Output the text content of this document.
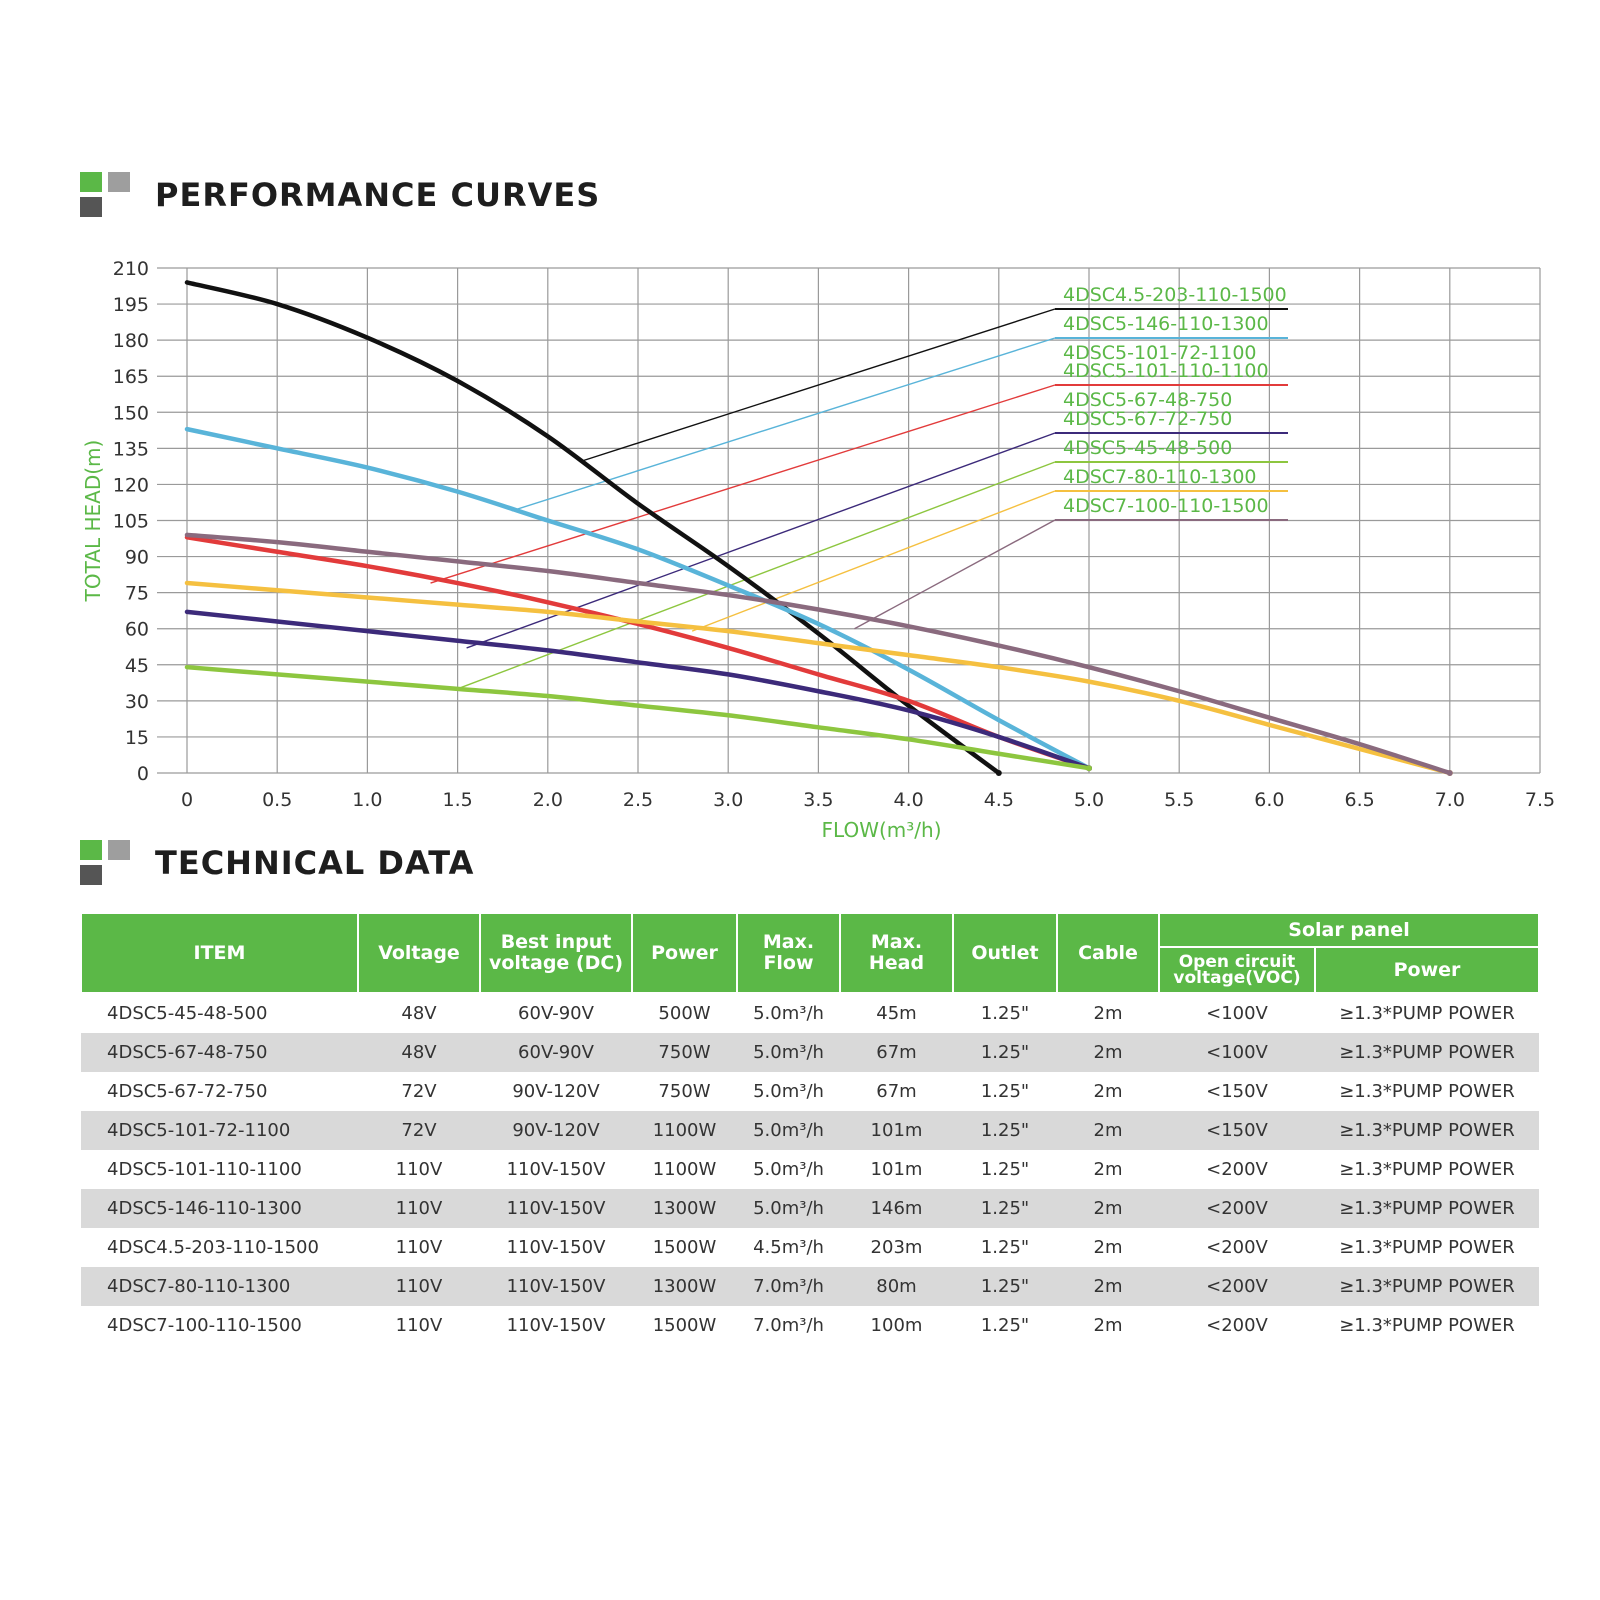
PERFORMANCE CURVES
0
15
30
45
60
75
90
105
120
135
150
165
180
195
210
0	0.5	1.0	1.5	2.0	2.5	3.0	3.5	4.0	4.5	5.0	5.5	6.0	6.5	7.0	7.5
FLOW(m³/h)
TOTAL HEAD(m)
4DSC4.5-203-110-1500
4DSC5-146-110-1300
4DSC5-101-72-1100
4DSC5-101-110-1100
4DSC5-67-48-750
4DSC5-67-72-750
4DSC5-45-48-500
4DSC7-80-110-1300
4DSC7-100-110-1500
TECHNICAL DATA
ITEM	Voltage	Best input voltage (DC)	Power	Max. Flow	Max. Head	Outlet	Cable	Solar panel	
								Open circuit voltage(VOC)	Power
4DSC5-45-48-500	48V	60V-90V	500W	5.0m³/h	45m	1.25"	2m	<100V	≥1.3*PUMP POWER
4DSC5-67-48-750	48V	60V-90V	750W	5.0m³/h	67m	1.25"	2m	<100V	≥1.3*PUMP POWER
4DSC5-67-72-750	72V	90V-120V	750W	5.0m³/h	67m	1.25"	2m	<150V	≥1.3*PUMP POWER
4DSC5-101-72-1100	72V	90V-120V	1100W	5.0m³/h	101m	1.25"	2m	<150V	≥1.3*PUMP POWER
4DSC5-101-110-1100	110V	110V-150V	1100W	5.0m³/h	101m	1.25"	2m	<200V	≥1.3*PUMP POWER
4DSC5-146-110-1300	110V	110V-150V	1300W	5.0m³/h	146m	1.25"	2m	<200V	≥1.3*PUMP POWER
4DSC4.5-203-110-1500	110V	110V-150V	1500W	4.5m³/h	203m	1.25"	2m	<200V	≥1.3*PUMP POWER
4DSC7-80-110-1300	110V	110V-150V	1300W	7.0m³/h	80m	1.25"	2m	<200V	≥1.3*PUMP POWER
4DSC7-100-110-1500	110V	110V-150V	1500W	7.0m³/h	100m	1.25"	2m	<200V	≥1.3*PUMP POWER
